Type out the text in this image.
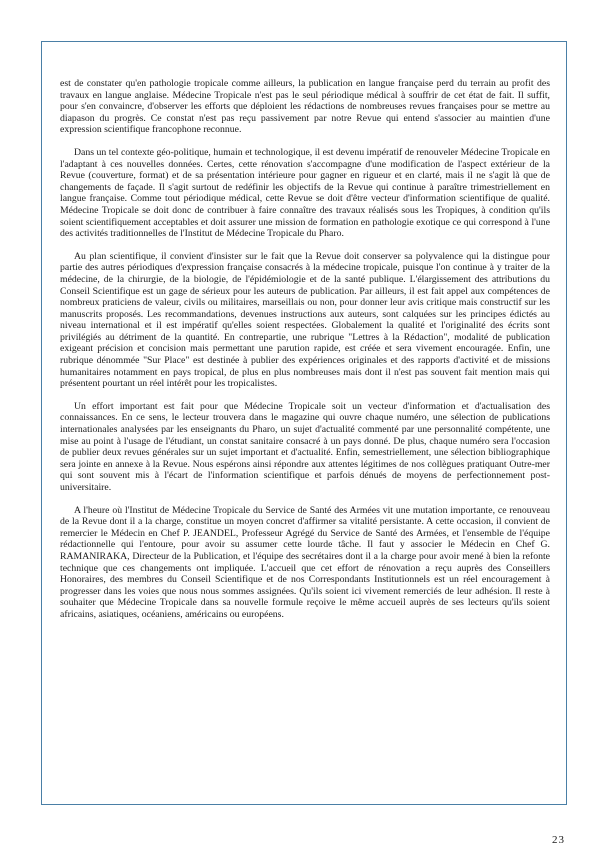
est de constater qu'en pathologie tropicale comme ailleurs, la publication en langue française perd du terrain au profit des travaux en langue anglaise. Médecine Tropicale n'est pas le seul périodique médical à souffrir de cet état de fait. Il suffit, pour s'en convaincre, d'observer les efforts que déploient les rédactions de nombreuses revues françaises pour se mettre au diapason du progrès. Ce constat n'est pas reçu passivement par notre Revue qui entend s'associer au maintien d'une expression scientifique francophone reconnue.

Dans un tel contexte géo-politique, humain et technologique, il est devenu impératif de renouveler Médecine Tropicale en l'adaptant à ces nouvelles données. Certes, cette rénovation s'accompagne d'une modification de l'aspect extérieur de la Revue (couverture, format) et de sa présentation intérieure pour gagner en rigueur et en clarté, mais il ne s'agit là que de changements de façade. Il s'agit surtout de redéfinir les objectifs de la Revue qui continue à paraître trimestriellement en langue française. Comme tout périodique médical, cette Revue se doit d'être vecteur d'information scientifique de qualité. Médecine Tropicale se doit donc de contribuer à faire connaître des travaux réalisés sous les Tropiques, à condition qu'ils soient scientifiquement acceptables et doit assurer une mission de formation en pathologie exotique ce qui correspond à l'une des activités traditionnelles de l'Institut de Médecine Tropicale du Pharo.

Au plan scientifique, il convient d'insister sur le fait que la Revue doit conserver sa polyvalence qui la distingue pour partie des autres périodiques d'expression française consacrés à la médecine tropicale, puisque l'on continue à y traiter de la médecine, de la chirurgie, de la biologie, de l'épidémiologie et de la santé publique. L'élargissement des attributions du Conseil Scientifique est un gage de sérieux pour les auteurs de publication. Par ailleurs, il est fait appel aux compétences de nombreux praticiens de valeur, civils ou militaires, marseillais ou non, pour donner leur avis critique mais constructif sur les manuscrits proposés. Les recommandations, devenues instructions aux auteurs, sont calquées sur les principes édictés au niveau international et il est impératif qu'elles soient respectées. Globalement la qualité et l'originalité des écrits sont privilégiés au détriment de la quantité. En contrepartie, une rubrique "Lettres à la Rédaction", modalité de publication exigeant précision et concision mais permettant une parution rapide, est créée et sera vivement encouragée. Enfin, une rubrique dénommée "Sur Place" est destinée à publier des expériences originales et des rapports d'activité et de missions humanitaires notamment en pays tropical, de plus en plus nombreuses mais dont il n'est pas souvent fait mention mais qui présentent pourtant un réel intérêt pour les tropicalistes.

Un effort important est fait pour que Médecine Tropicale soit un vecteur d'information et d'actualisation des connaissances. En ce sens, le lecteur trouvera dans le magazine qui ouvre chaque numéro, une sélection de publications internationales analysées par les enseignants du Pharo, un sujet d'actualité commenté par une personnalité compétente, une mise au point à l'usage de l'étudiant, un constat sanitaire consacré à un pays donné. De plus, chaque numéro sera l'occasion de publier deux revues générales sur un sujet important et d'actualité. Enfin, semestriellement, une sélection bibliographique sera jointe en annexe à la Revue. Nous espérons ainsi répondre aux attentes légitimes de nos collègues pratiquant Outre-mer qui sont souvent mis à l'écart de l'information scientifique et parfois dénués de moyens de perfectionnement post-universitaire.

A l'heure où l'Institut de Médecine Tropicale du Service de Santé des Armées vit une mutation importante, ce renouveau de la Revue dont il a la charge, constitue un moyen concret d'affirmer sa vitalité persistante. A cette occasion, il convient de remercier le Médecin en Chef P. JEANDEL, Professeur Agrégé du Service de Santé des Armées, et l'ensemble de l'équipe rédactionnelle qui l'entoure, pour avoir su assumer cette lourde tâche. Il faut y associer le Médecin en Chef G. RAMANIRAKA, Directeur de la Publication, et l'équipe des secrétaires dont il a la charge pour avoir mené à bien la refonte technique que ces changements ont impliquée. L'accueil que cet effort de rénovation a reçu auprès des Conseillers Honoraires, des membres du Conseil Scientifique et de nos Correspondants Institutionnels est un réel encouragement à progresser dans les voies que nous nous sommes assignées. Qu'ils soient ici vivement remerciés de leur adhésion. Il reste à souhaiter que Médecine Tropicale dans sa nouvelle formule reçoive le même accueil auprès de ses lecteurs qu'ils soient africains, asiatiques, océaniens, américains ou européens.

23
